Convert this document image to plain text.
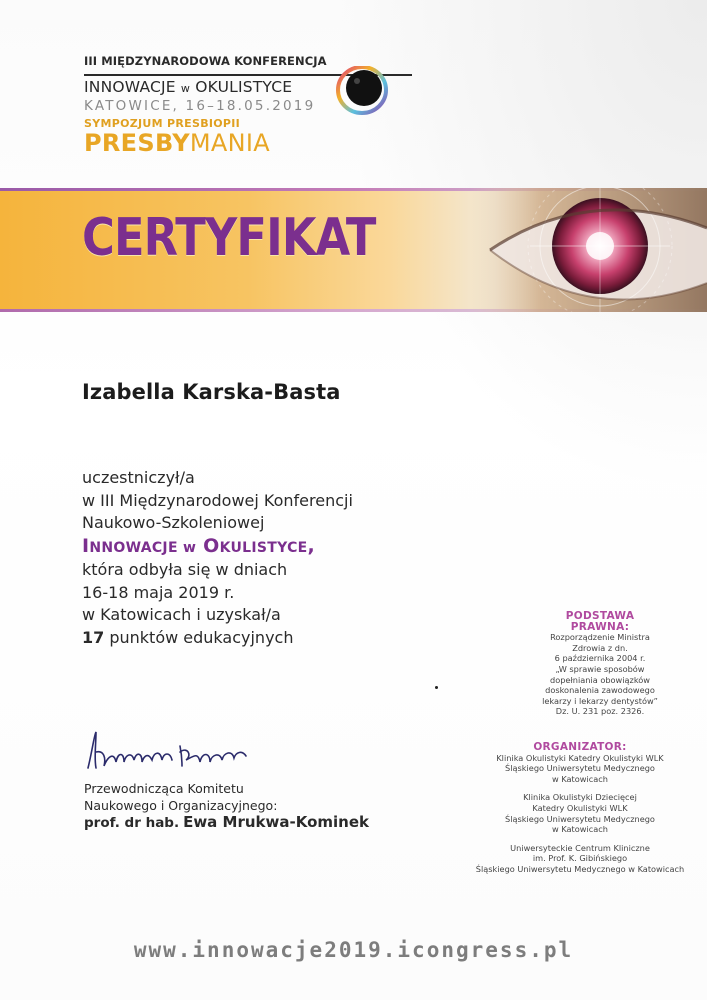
III MIĘDZYNARODOWA KONFERENCJA
INNOWACJE w OKULISTYCE
KATOWICE, 16–18.05.2019
SYMPOZJUM PRESBIOPII
PRESBYMANIA
CERTYFIKAT
Izabella Karska-Basta
uczestniczył/a
w III Międzynarodowej Konferencji
Naukowo-Szkoleniowej
INNOWACJE w OKULISTYCE,
która odbyła się w dniach
16-18 maja 2019 r.
w Katowicach i uzyskał/a
17 punktów edukacyjnych
Przewodnicząca Komitetu
Naukowego i Organizacyjnego:
prof. dr hab. Ewa Mrukwa-Kominek
PODSTAWA
PRAWNA:
Rozporządzenie Ministra
Zdrowia z dn.
6 października 2004 r.
„W sprawie sposobów
dopełniania obowiązków
doskonalenia zawodowego
lekarzy i lekarzy dentystów”
Dz. U. 231 poz. 2326.
ORGANIZATOR:
Klinika Okulistyki Katedry Okulistyki WLK
Śląskiego Uniwersytetu Medycznego
w Katowicach
Klinika Okulistyki Dziecięcej
Katedry Okulistyki WLK
Śląskiego Uniwersytetu Medycznego
w Katowicach
Uniwersyteckie Centrum Kliniczne
im. Prof. K. Gibińskiego
Śląskiego Uniwersytetu Medycznego w Katowicach
www.innowacje2019.icongress.pl
